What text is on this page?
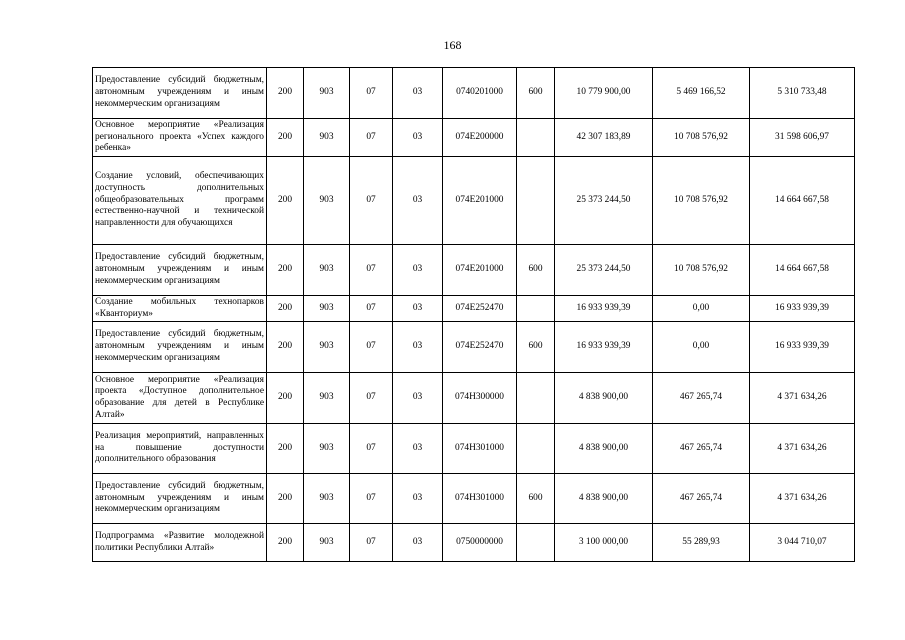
168
Предоставление субсидий бюджетным, автономным учреждениям и иным некоммерческим организациям	200	903	07	03	0740201000	600	10 779 900,00	5 469 166,52	5 310 733,48
Основное мероприятие «Реализация регионального проекта «Успех каждого ребенка»	200	903	07	03	074E200000		42 307 183,89	10 708 576,92	31 598 606,97
Создание условий, обеспечивающих доступность дополнительных общеобразовательных программ естественно-научной и технической направленности для обучающихся	200	903	07	03	074E201000		25 373 244,50	10 708 576,92	14 664 667,58
Предоставление субсидий бюджетным, автономным учреждениям и иным некоммерческим организациям	200	903	07	03	074E201000	600	25 373 244,50	10 708 576,92	14 664 667,58
Создание мобильных технопарков «Кванториум»	200	903	07	03	074E252470		16 933 939,39	0,00	16 933 939,39
Предоставление субсидий бюджетным, автономным учреждениям и иным некоммерческим организациям	200	903	07	03	074E252470	600	16 933 939,39	0,00	16 933 939,39
Основное мероприятие «Реализация проекта «Доступное дополнительное образование для детей в Республике Алтай»	200	903	07	03	074H300000		4 838 900,00	467 265,74	4 371 634,26
Реализация мероприятий, направленных на повышение доступности дополнительного образования	200	903	07	03	074H301000		4 838 900,00	467 265,74	4 371 634,26
Предоставление субсидий бюджетным, автономным учреждениям и иным некоммерческим организациям	200	903	07	03	074H301000	600	4 838 900,00	467 265,74	4 371 634,26
Подпрограмма «Развитие молодежной политики Республики Алтай»	200	903	07	03	0750000000		3 100 000,00	55 289,93	3 044 710,07
